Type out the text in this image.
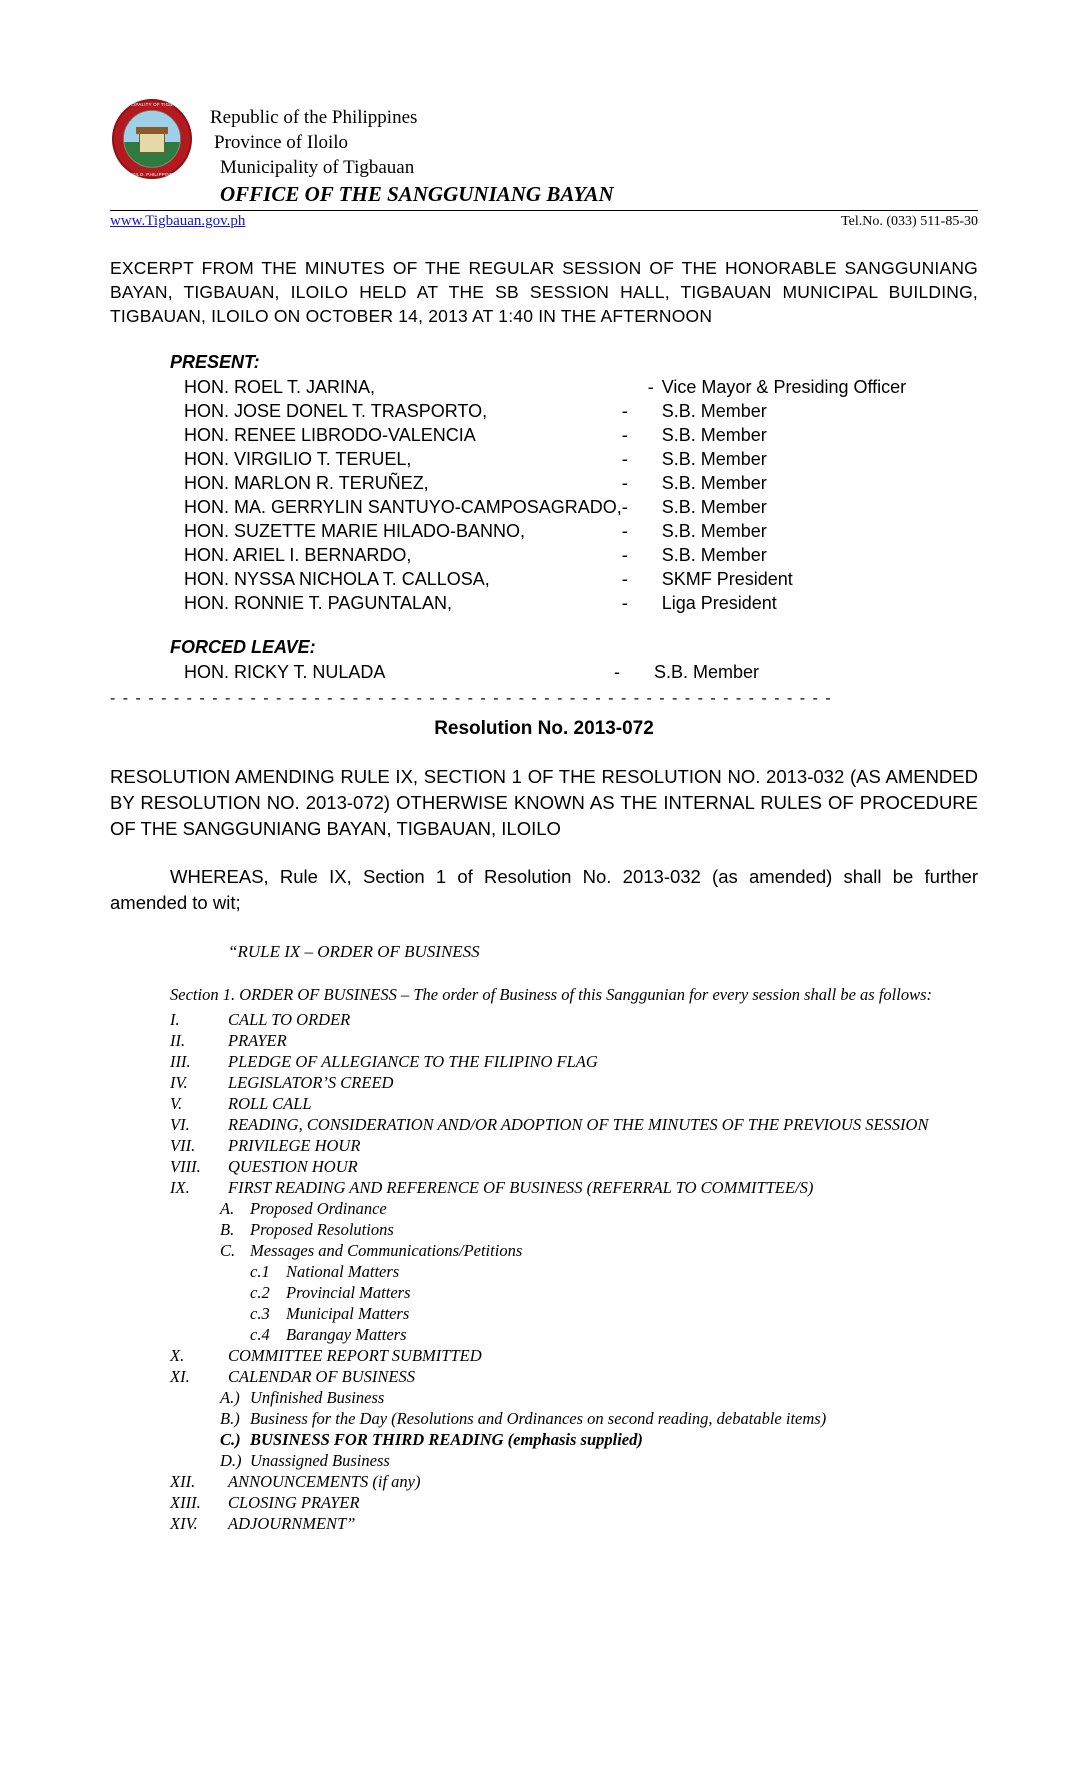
MUNICIPALITY OF TIGBAUAN
ILOILO, PHILIPPINES
Republic of the Philippines
Province of Iloilo
Municipality of Tigbauan
OFFICE OF THE SANGGUNIANG BAYAN
www.Tigbauan.gov.ph	Tel.No. (033) 511-85-30
EXCERPT FROM THE MINUTES OF THE REGULAR SESSION OF THE HONORABLE SANGGUNIANG BAYAN, TIGBAUAN, ILOILO HELD AT THE SB SESSION HALL, TIGBAUAN MUNICIPAL BUILDING, TIGBAUAN, ILOILO ON OCTOBER 14, 2013 AT 1:40 IN THE AFTERNOON
PRESENT:
HON. ROEL T. JARINA,	-	Vice Mayor & Presiding Officer
HON. JOSE DONEL T. TRASPORTO,	-	S.B. Member
HON. RENEE LIBRODO-VALENCIA	-	S.B. Member
HON. VIRGILIO T. TERUEL,	-	S.B. Member
HON. MARLON R. TERUÑEZ,	-	S.B. Member
HON. MA. GERRYLIN SANTUYO-CAMPOSAGRADO,	-	S.B. Member
HON. SUZETTE MARIE HILADO-BANNO,	-	S.B. Member
HON. ARIEL I. BERNARDO,	-	S.B. Member
HON. NYSSA NICHOLA T. CALLOSA,	-	SKMF President
HON. RONNIE T. PAGUNTALAN,	-	Liga President
FORCED LEAVE:
HON. RICKY T. NULADA	-	S.B. Member
- - - - - - - - - - - - - - - - - - - - - - - - - - - - - - - - - - - - - - - - - - - - - - - - - - - - - - - - -
Resolution No. 2013-072
RESOLUTION AMENDING RULE IX, SECTION 1 OF THE RESOLUTION NO. 2013-032 (AS AMENDED BY RESOLUTION NO. 2013-072) OTHERWISE KNOWN AS THE INTERNAL RULES OF PROCEDURE OF THE SANGGUNIANG BAYAN, TIGBAUAN, ILOILO
WHEREAS, Rule IX, Section 1 of Resolution No. 2013-032 (as amended) shall be further amended to wit;
“RULE IX – ORDER OF BUSINESS
Section 1. ORDER OF BUSINESS – The order of Business of this Sanggunian for every session shall be as follows:
I.	CALL TO ORDER
II.	PRAYER
III.	PLEDGE OF ALLEGIANCE TO THE FILIPINO FLAG
IV.	LEGISLATOR’S CREED
V.	ROLL CALL
VI.	READING, CONSIDERATION AND/OR ADOPTION OF THE MINUTES OF THE PREVIOUS SESSION
VII.	PRIVILEGE HOUR
VIII.	QUESTION HOUR
IX.	FIRST READING AND REFERENCE OF BUSINESS (REFERRAL TO COMMITTEE/S)
A. Proposed Ordinance
B. Proposed Resolutions
C. Messages and Communications/Petitions
c.1 National Matters
c.2 Provincial Matters
c.3 Municipal Matters
c.4 Barangay Matters
X.	COMMITTEE REPORT SUBMITTED
XI.	CALENDAR OF BUSINESS
A.) Unfinished Business
B.) Business for the Day (Resolutions and Ordinances on second reading, debatable items)
C.) BUSINESS FOR THIRD READING (emphasis supplied)
D.) Unassigned Business
XII.	ANNOUNCEMENTS (if any)
XIII.	CLOSING PRAYER
XIV.	ADJOURNMENT”
